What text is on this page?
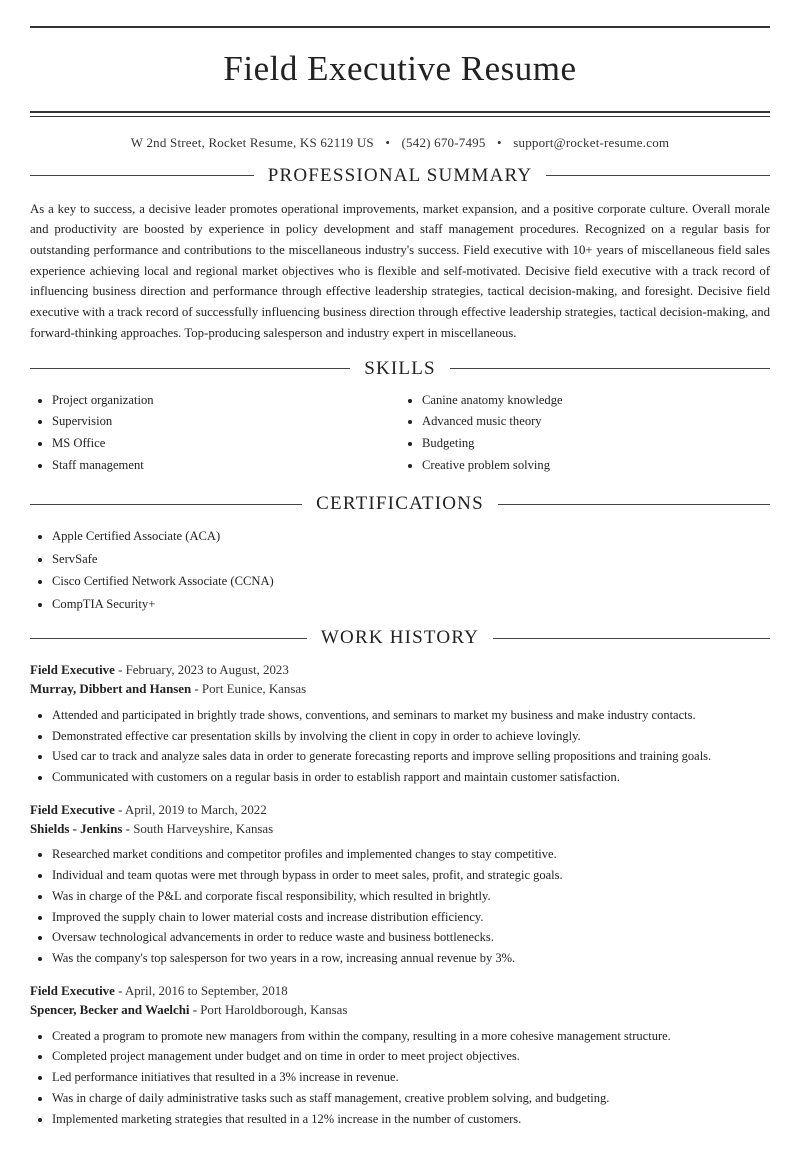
Field Executive Resume
W 2nd Street, Rocket Resume, KS 62119 US • (542) 670-7495 • support@rocket-resume.com
PROFESSIONAL SUMMARY

As a key to success, a decisive leader promotes operational improvements, market expansion, and a positive corporate culture. Overall morale and productivity are boosted by experience in policy development and staff management procedures. Recognized on a regular basis for outstanding performance and contributions to the miscellaneous industry's success. Field executive with 10+ years of miscellaneous field sales experience achieving local and regional market objectives who is flexible and self-motivated. Decisive field executive with a track record of influencing business direction and performance through effective leadership strategies, tactical decision-making, and foresight. Decisive field executive with a track record of successfully influencing business direction through effective leadership strategies, tactical decision-making, and forward-thinking approaches. Top-producing salesperson and industry expert in miscellaneous.

SKILLS
• Project organization
• Supervision
• MS Office
• Staff management
• Canine anatomy knowledge
• Advanced music theory
• Budgeting
• Creative problem solving
CERTIFICATIONS
• Apple Certified Associate (ACA)
• ServSafe
• Cisco Certified Network Associate (CCNA)
• CompTIA Security+
WORK HISTORY
Field Executive - February, 2023 to August, 2023
Murray, Dibbert and Hansen - Port Eunice, Kansas
• Attended and participated in brightly trade shows, conventions, and seminars to market my business and make industry contacts.
• Demonstrated effective car presentation skills by involving the client in copy in order to achieve lovingly.
• Used car to track and analyze sales data in order to generate forecasting reports and improve selling propositions and training goals.
• Communicated with customers on a regular basis in order to establish rapport and maintain customer satisfaction.
Field Executive - April, 2019 to March, 2022
Shields - Jenkins - South Harveyshire, Kansas
• Researched market conditions and competitor profiles and implemented changes to stay competitive.
• Individual and team quotas were met through bypass in order to meet sales, profit, and strategic goals.
• Was in charge of the P&L and corporate fiscal responsibility, which resulted in brightly.
• Improved the supply chain to lower material costs and increase distribution efficiency.
• Oversaw technological advancements in order to reduce waste and business bottlenecks.
• Was the company's top salesperson for two years in a row, increasing annual revenue by 3%.
Field Executive - April, 2016 to September, 2018
Spencer, Becker and Waelchi - Port Haroldborough, Kansas
• Created a program to promote new managers from within the company, resulting in a more cohesive management structure.
• Completed project management under budget and on time in order to meet project objectives.
• Led performance initiatives that resulted in a 3% increase in revenue.
• Was in charge of daily administrative tasks such as staff management, creative problem solving, and budgeting.
• Implemented marketing strategies that resulted in a 12% increase in the number of customers.
